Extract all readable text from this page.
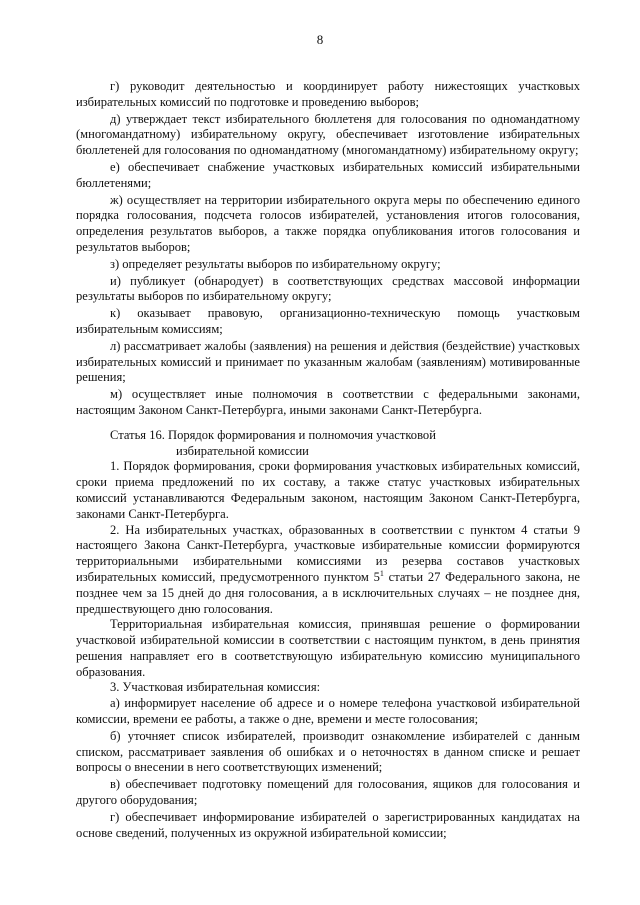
8

г) руководит деятельностью и координирует работу нижестоящих участковых избирательных комиссий по подготовке и проведению выборов;

д) утверждает текст избирательного бюллетеня для голосования по одномандатному (многомандатному) избирательному округу, обеспечивает изготовление избирательных бюллетеней для голосования по одномандатному (многомандатному) избирательному округу;

е) обеспечивает снабжение участковых избирательных комиссий избирательными бюллетенями;

ж) осуществляет на территории избирательного округа меры по обеспечению единого порядка голосования, подсчета голосов избирателей, установления итогов голосования, определения результатов выборов, а также порядка опубликования итогов голосования и результатов выборов;

з) определяет результаты выборов по избирательному округу;

и) публикует (обнародует) в соответствующих средствах массовой информации результаты выборов по избирательному округу;

к) оказывает правовую, организационно-техническую помощь участковым избирательным комиссиям;

л) рассматривает жалобы (заявления) на решения и действия (бездействие) участковых избирательных комиссий и принимает по указанным жалобам (заявлениям) мотивированные решения;

м) осуществляет иные полномочия в соответствии с федеральными законами, настоящим Законом Санкт-Петербурга, иными законами Санкт-Петербурга.

Статья 16. Порядок формирования и полномочия участковой
избирательной комиссии

1. Порядок формирования, сроки формирования участковых избирательных комиссий, сроки приема предложений по их составу, а также статус участковых избирательных комиссий устанавливаются Федеральным законом, настоящим Законом Санкт-Петербурга, законами Санкт-Петербурга.

2. На избирательных участках, образованных в соответствии с пунктом 4 статьи 9 настоящего Закона Санкт-Петербурга, участковые избирательные комиссии формируются территориальными избирательными комиссиями из резерва составов участковых избирательных комиссий, предусмотренного пунктом $5^1$ статьи 27 Федерального закона, не позднее чем за 15 дней до дня голосования, а в исключительных случаях – не позднее дня, предшествующего дню голосования.

Территориальная избирательная комиссия, принявшая решение о формировании участковой избирательной комиссии в соответствии с настоящим пунктом, в день принятия решения направляет его в соответствующую избирательную комиссию муниципального образования.

3. Участковая избирательная комиссия:

а) информирует население об адресе и о номере телефона участковой избирательной комиссии, времени ее работы, а также о дне, времени и месте голосования;

б) уточняет список избирателей, производит ознакомление избирателей с данным списком, рассматривает заявления об ошибках и о неточностях в данном списке и решает вопросы о внесении в него соответствующих изменений;

в) обеспечивает подготовку помещений для голосования, ящиков для голосования и другого оборудования;

г) обеспечивает информирование избирателей о зарегистрированных кандидатах на основе сведений, полученных из окружной избирательной комиссии;
